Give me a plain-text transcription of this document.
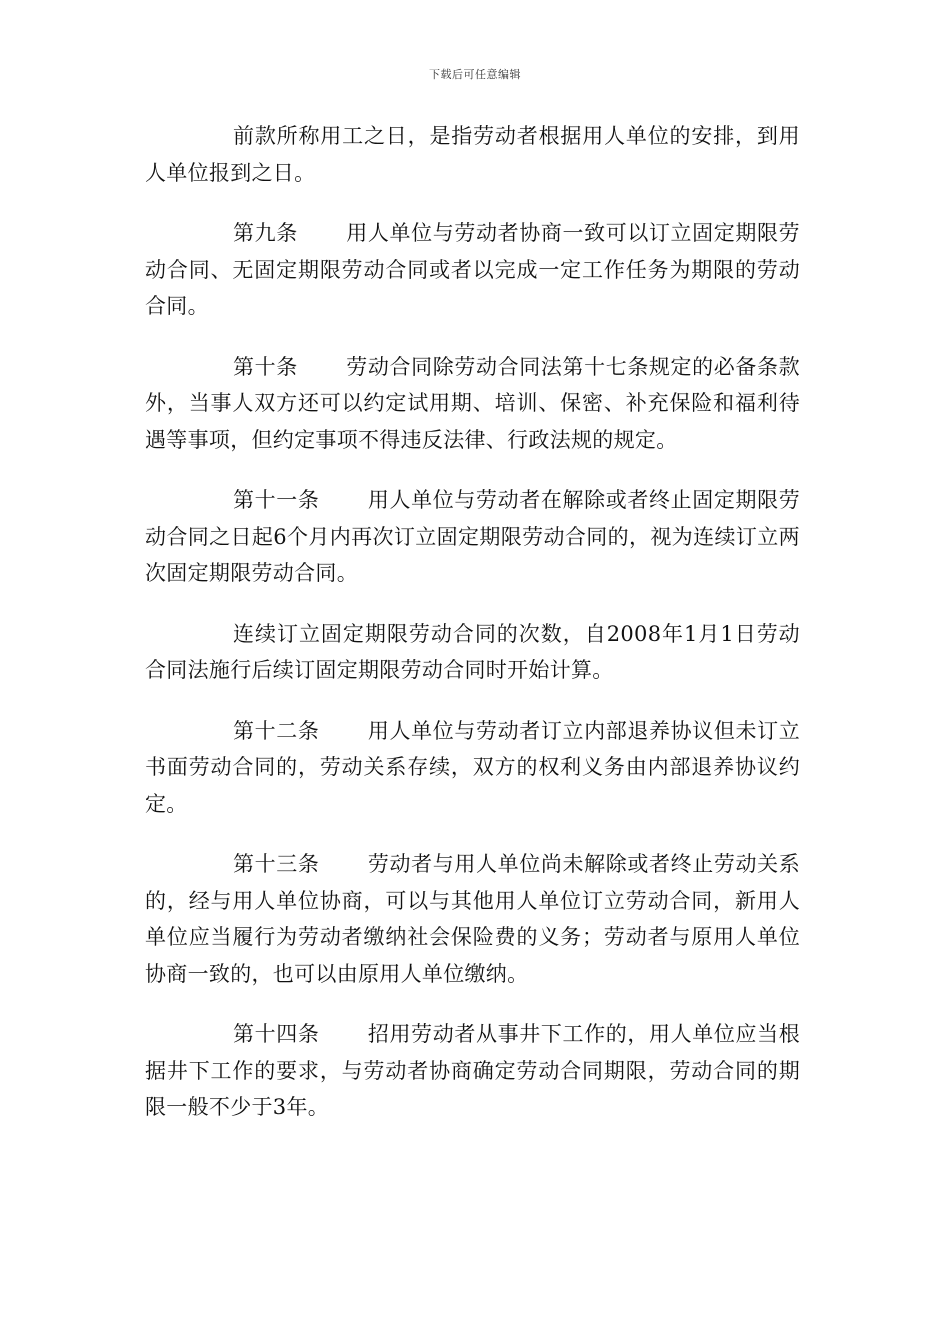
下载后可任意编辑

前款所称用工之日，是指劳动者根据用人单位的安排，到用人单位报到之日。

第九条 用人单位与劳动者协商一致可以订立固定期限劳动合同、无固定期限劳动合同或者以完成一定工作任务为期限的劳动合同。

第十条 劳动合同除劳动合同法第十七条规定的必备条款外，当事人双方还可以约定试用期、培训、保密、补充保险和福利待遇等事项，但约定事项不得违反法律、行政法规的规定。

第十一条 用人单位与劳动者在解除或者终止固定期限劳动合同之日起6个月内再次订立固定期限劳动合同的，视为连续订立两次固定期限劳动合同。

连续订立固定期限劳动合同的次数，自2008年1月1日劳动合同法施行后续订固定期限劳动合同时开始计算。

第十二条 用人单位与劳动者订立内部退养协议但未订立书面劳动合同的，劳动关系存续，双方的权利义务由内部退养协议约定。

第十三条 劳动者与用人单位尚未解除或者终止劳动关系的，经与用人单位协商，可以与其他用人单位订立劳动合同，新用人单位应当履行为劳动者缴纳社会保险费的义务；劳动者与原用人单位协商一致的，也可以由原用人单位缴纳。

第十四条 招用劳动者从事井下工作的，用人单位应当根据井下工作的要求，与劳动者协商确定劳动合同期限，劳动合同的期限一般不少于3年。
